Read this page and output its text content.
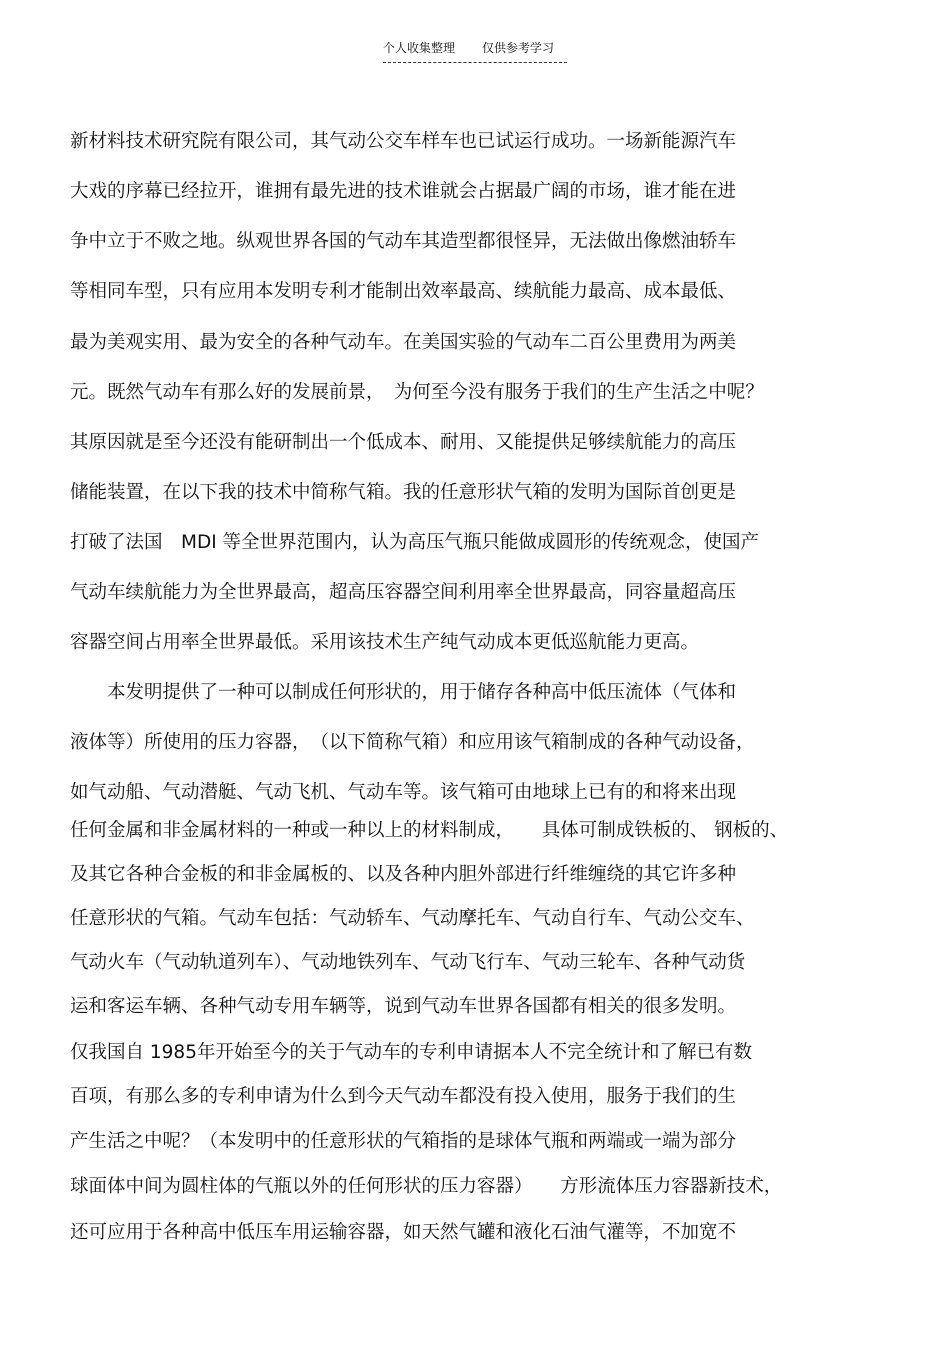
个人收集整理 仅供参考学习
新材料技术研究院有限公司，其气动公交车样车也已试运行成功。一场新能源汽车
大戏的序幕已经拉开，谁拥有最先进的技术谁就会占据最广阔的市场，谁才能在进
争中立于不败之地。纵观世界各国的气动车其造型都很怪异，无法做出像燃油轿车
等相同车型，只有应用本发明专利才能制出效率最高、续航能力最高、成本最低、
最为美观实用、最为安全的各种气动车。在美国实验的气动车二百公里费用为两美
元。既然气动车有那么好的发展前景，　为何至今没有服务于我们的生产生活之中呢？
其原因就是至今还没有能研制出一个低成本、耐用、又能提供足够续航能力的高压
储能装置，在以下我的技术中简称气箱。我的任意形状气箱的发明为国际首创更是
打破了法国　MDI 等全世界范围内，认为高压气瓶只能做成圆形的传统观念，使国产
气动车续航能力为全世界最高，超高压容器空间利用率全世界最高，同容量超高压
容器空间占用率全世界最低。采用该技术生产纯气动成本更低巡航能力更高。
　　本发明提供了一种可以制成任何形状的，用于储存各种高中低压流体（气体和
液体等）所使用的压力容器，　（以下简称气箱）和应用该气箱制成的各种气动设备，
如气动船、气动潜艇、气动飞机、气动车等。该气箱可由地球上已有的和将来出现
任何金属和非金属材料的一种或一种以上的材料制成，　　具体可制成铁板的、 钢板的、
及其它各种合金板的和非金属板的、以及各种内胆外部进行纤维缠绕的其它许多种
任意形状的气箱。气动车包括：气动轿车、气动摩托车、气动自行车、气动公交车、
气动火车（气动轨道列车）、气动地铁列车、气动飞行车、气动三轮车、各种气动货
运和客运车辆、各种气动专用车辆等，说到气动车世界各国都有相关的很多发明。
仅我国自 1985年开始至今的关于气动车的专利申请据本人不完全统计和了解已有数
百项，有那么多的专利申请为什么到今天气动车都没有投入使用，服务于我们的生
产生活之中呢？（本发明中的任意形状的气箱指的是球体气瓶和两端或一端为部分
球面体中间为圆柱体的气瓶以外的任何形状的压力容器）　　方形流体压力容器新技术，
还可应用于各种高中低压车用运输容器，如天然气罐和液化石油气灌等，不加宽不
